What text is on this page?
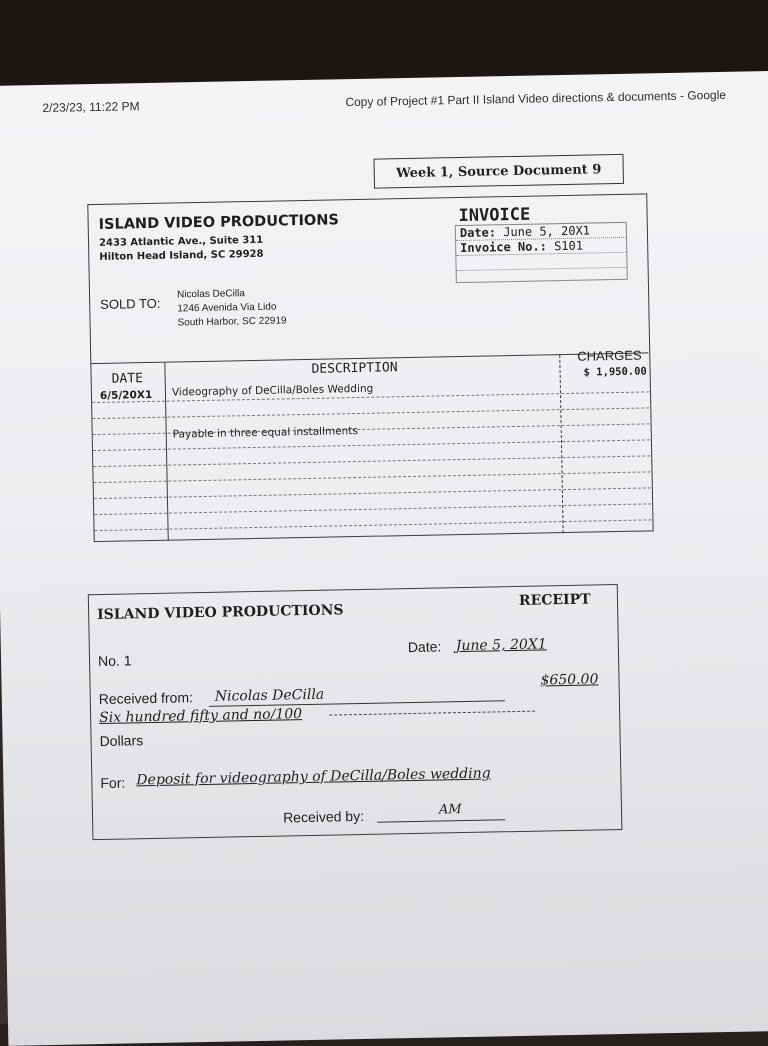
2/23/23, 11:22 PM	Copy of Project #1 Part II Island Video directions & documents - Google
Week 1, Source Document 9
ISLAND VIDEO PRODUCTIONS
2433 Atlantic Ave., Suite 311
Hilton Head Island, SC 29928
INVOICE
Date: June 5, 20X1
Invoice No.: S101
SOLD TO:
Nicolas DeCilla
1246 Avenida Via Lido
South Harbor, SC 22919
DATE
DESCRIPTION
CHARGES
6/5/20X1 Videography of DeCilla/Boles Wedding
$ 1,950.00
Payable in three equal installments
ISLAND VIDEO PRODUCTIONS
RECEIPT
No. 1
Date: June 5, 20X1
Received from: Nicolas DeCilla
$650.00
Six hundred fifty and no/100
Dollars
For: Deposit for videography of DeCilla/Boles wedding
Received by:	AM
